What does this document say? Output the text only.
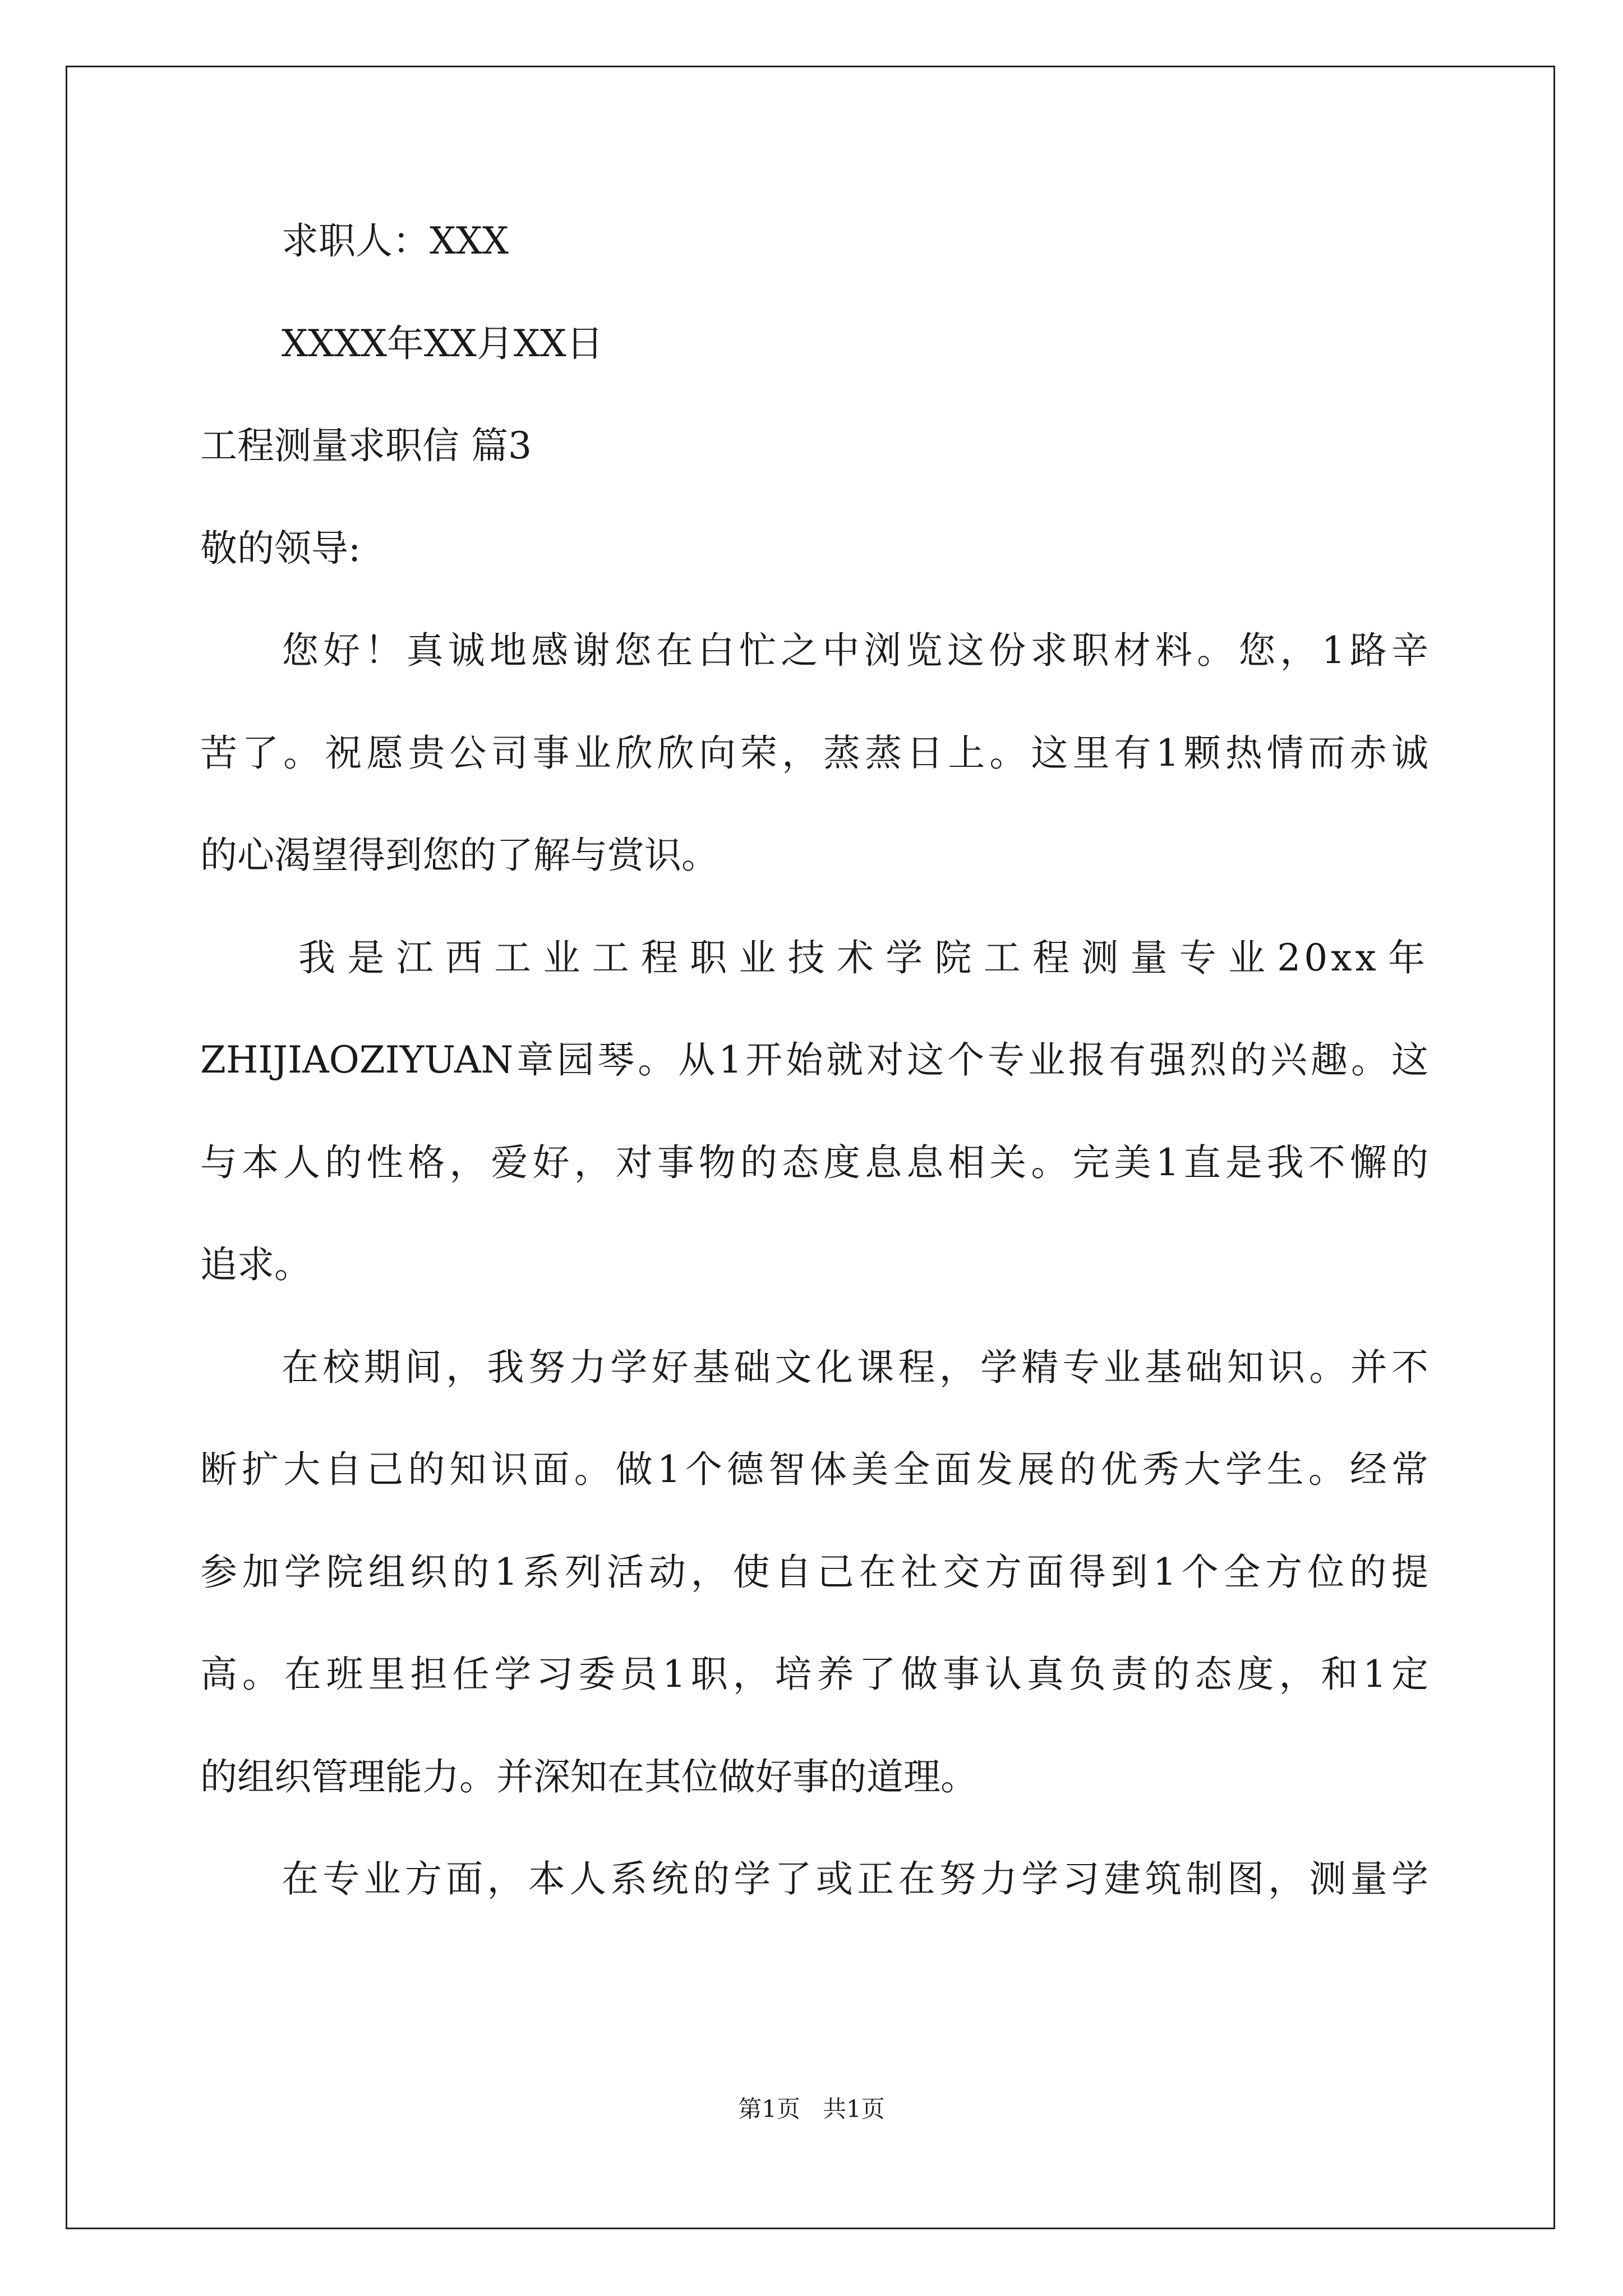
求职人：XXX
XXXX年XX月XX日
工程测量求职信 篇3
敬的领导:
您好！真诚地感谢您在白忙之中浏览这份求职材料。您，1路辛
苦了。祝愿贵公司事业欣欣向荣，蒸蒸日上。这里有1颗热情而赤诚
的心渴望得到您的了解与赏识。
我是江西工业工程职业技术学院工程测量专业20xx年
ZHIJIAOZIYUAN章园琴。从1开始就对这个专业报有强烈的兴趣。这
与本人的性格，爱好，对事物的态度息息相关。完美1直是我不懈的
追求。
在校期间，我努力学好基础文化课程，学精专业基础知识。并不
断扩大自己的知识面。做1个德智体美全面发展的优秀大学生。经常
参加学院组织的1系列活动，使自己在社交方面得到1个全方位的提
高。在班里担任学习委员1职，培养了做事认真负责的态度，和1定
的组织管理能力。并深知在其位做好事的道理。
在专业方面，本人系统的学了或正在努力学习建筑制图，测量学
第1页   共1页
